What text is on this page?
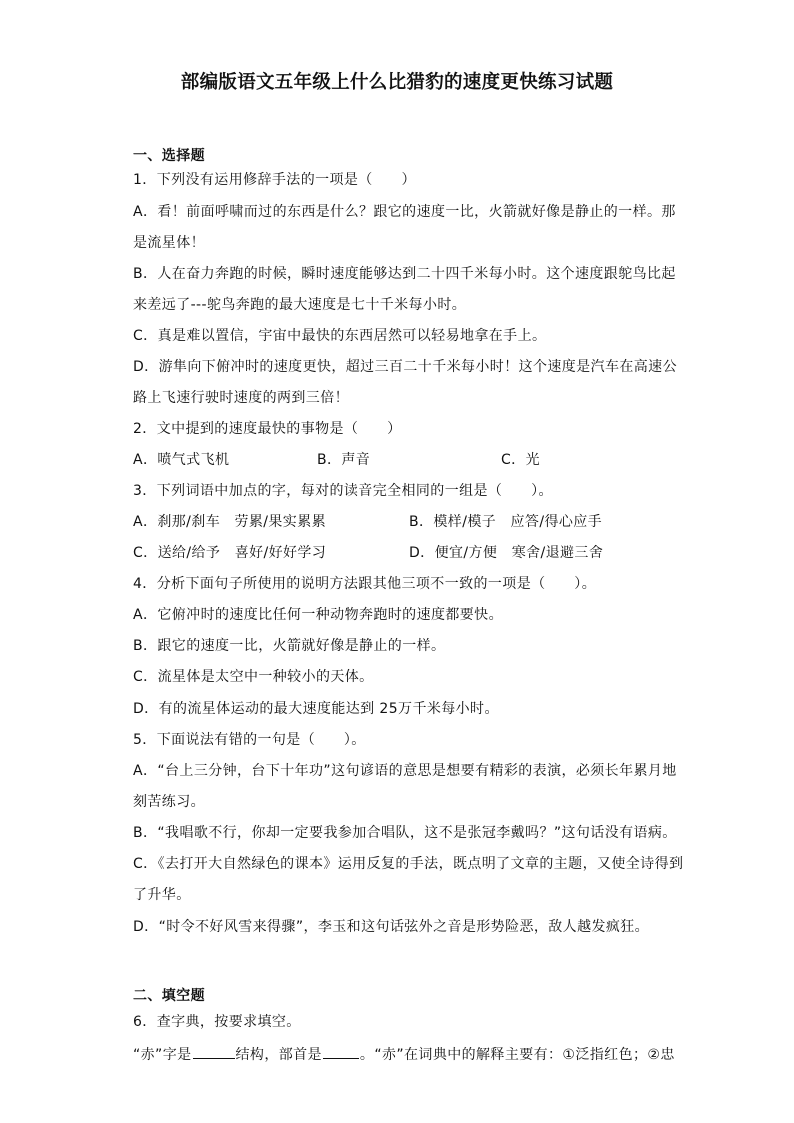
部编版语文五年级上什么比猎豹的速度更快练习试题
一、选择题
1．下列没有运用修辞手法的一项是（　　）
A．看！前面呼啸而过的东西是什么？跟它的速度一比，火箭就好像是静止的一样。那
是流星体！
B．人在奋力奔跑的时候，瞬时速度能够达到二十四千米每小时。这个速度跟鸵鸟比起
来差远了---鸵鸟奔跑的最大速度是七十千米每小时。
C．真是难以置信，宇宙中最快的东西居然可以轻易地拿在手上。
D．游隼向下俯冲时的速度更快，超过三百二十千米每小时！这个速度是汽车在高速公
路上飞速行驶时速度的两到三倍！
2．文中提到的速度最快的事物是（　　）
A．喷气式飞机	B．声音	C．光
3．下列词语中加点的字，每对的读音完全相同的一组是（　　）。
A．刹那/刹车　劳累/果实累累	B．模样/模子　应答/得心应手
C．送给/给予　喜好/好好学习	D．便宜/方便　寒舍/退避三舍
4．分析下面句子所使用的说明方法跟其他三项不一致的一项是（　　）。
A．它俯冲时的速度比任何一种动物奔跑时的速度都要快。
B．跟它的速度一比，火箭就好像是静止的一样。
C．流星体是太空中一种较小的天体。
D．有的流星体运动的最大速度能达到 25万千米每小时。
5．下面说法有错的一句是（　　）。
A．“台上三分钟，台下十年功”这句谚语的意思是想要有精彩的表演，必须长年累月地
刻苦练习。
B．“我唱歌不行，你却一定要我参加合唱队，这不是张冠李戴吗？”这句话没有语病。
C．《去打开大自然绿色的课本》运用反复的手法，既点明了文章的主题，又使全诗得到
了升华。
D．“时令不好风雪来得骤”，李玉和这句话弦外之音是形势险恶，敌人越发疯狂。
二、填空题
6．查字典，按要求填空。
“赤”字是	结构，部首是	。“赤”在词典中的解释主要有：①泛指红色；②忠
